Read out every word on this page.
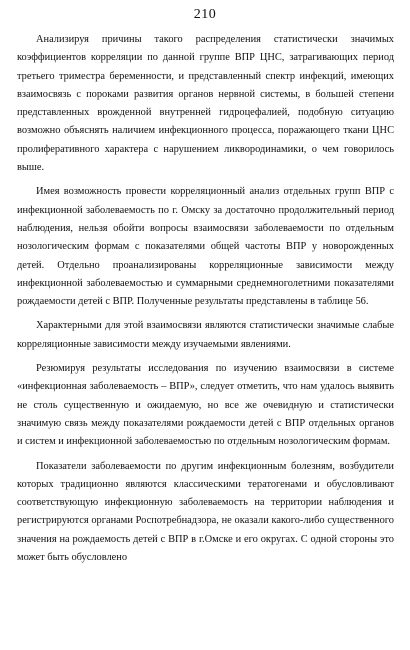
210

Анализируя причины такого распределения статистически значимых коэффициентов корреляции по данной группе ВПР ЦНС, затрагивающих период третьего триместра беременности, и представленный спектр инфекций, имеющих взаимосвязь с пороками развития органов нервной системы, в большей степени представленных врожденной внутренней гидроцефалией, подобную ситуацию возможно объяснять наличием инфекционного процесса, поражающего ткани ЦНС пролиферативного характера с нарушением ликвородинамики, о чем говорилось выше.

Имея возможность провести корреляционный анализ отдельных групп ВПР с инфекционной заболеваемость по г. Омску за достаточно продолжительный период наблюдения, нельзя обойти вопросы взаимосвязи заболеваемости по отдельным нозологическим формам с показателями общей частоты ВПР у новорожденных детей. Отдельно проанализированы корреляционные зависимости между инфекционной заболеваемостью и суммарными среднемноголетними показателями рождаемости детей с ВПР. Полученные результаты представлены в таблице 56.

Характерными для этой взаимосвязи являются статистически значимые слабые корреляционные зависимости между изучаемыми явлениями.

Резюмируя результаты исследования по изучению взаимосвязи в системе «инфекционная заболеваемость – ВПР», следует отметить, что нам удалось выявить не столь существенную и ожидаемую, но все же очевидную и статистически значимую связь между показателями рождаемости детей с ВПР отдельных органов и систем и инфекционной заболеваемостью по отдельным нозологическим формам.

Показатели заболеваемости по другим инфекционным болезням, возбудители которых традиционно являются классическими тератогенами и обусловливают соответствующую инфекционную заболеваемость на территории наблюдения и регистрируются органами Роспотребнадзора, не оказали какого-либо существенного значения на рождаемость детей с ВПР в г.Омске и его округах. С одной стороны это может быть обусловлено
